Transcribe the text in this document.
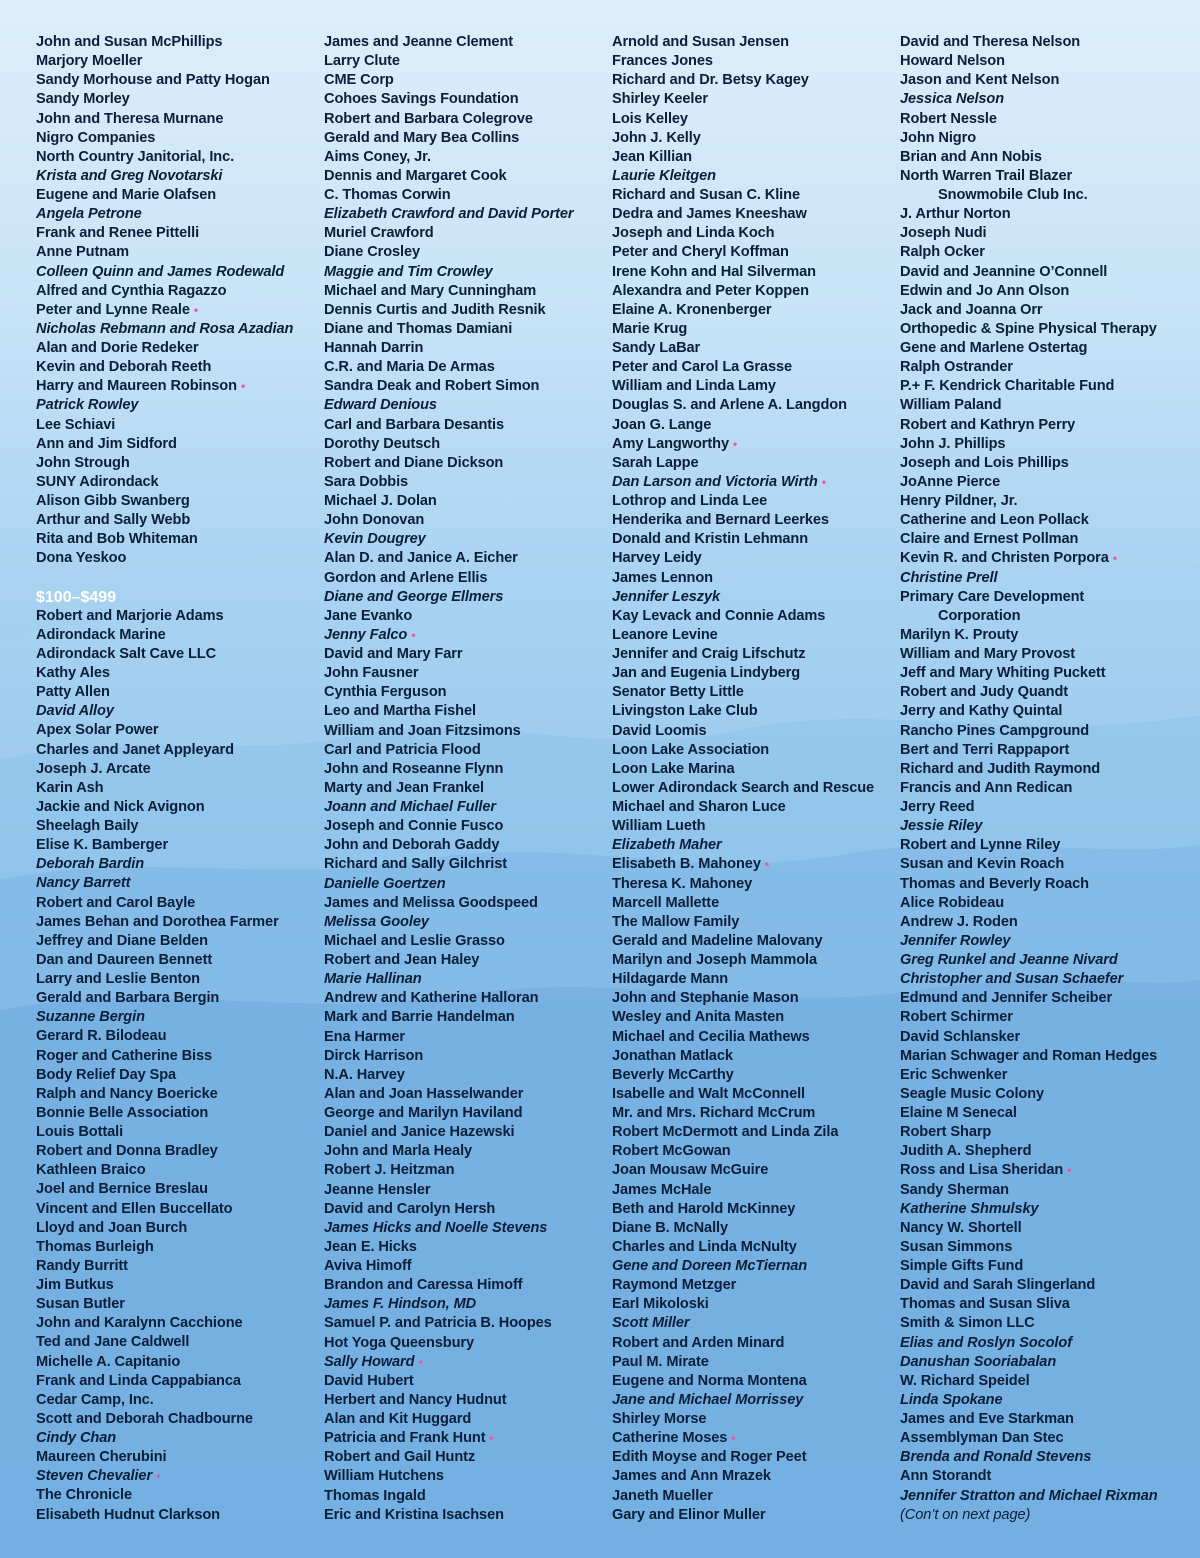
John and Susan McPhillips
Marjory Moeller
Sandy Morhouse and Patty Hogan
Sandy Morley
John and Theresa Murnane
Nigro Companies
North Country Janitorial, Inc.
Krista and Greg Novotarski
Eugene and Marie Olafsen
Angela Petrone
Frank and Renee Pittelli
Anne Putnam
Colleen Quinn and James Rodewald
Alfred and Cynthia Ragazzo
Peter and Lynne Reale •
Nicholas Rebmann and Rosa Azadian
Alan and Dorie Redeker
Kevin and Deborah Reeth
Harry and Maureen Robinson •
Patrick Rowley
Lee Schiavi
Ann and Jim Sidford
John Strough
SUNY Adirondack
Alison Gibb Swanberg
Arthur and Sally Webb
Rita and Bob Whiteman
Dona Yeskoo
$100–$499
Robert and Marjorie Adams
Adirondack Marine
Adirondack Salt Cave LLC
Kathy Ales
Patty Allen
David Alloy
Apex Solar Power
Charles and Janet Appleyard
Joseph J. Arcate
Karin Ash
Jackie and Nick Avignon
Sheelagh Baily
Elise K. Bamberger
Deborah Bardin
Nancy Barrett
Robert and Carol Bayle
James Behan and Dorothea Farmer
Jeffrey and Diane Belden
Dan and Daureen Bennett
Larry and Leslie Benton
Gerald and Barbara Bergin
Suzanne Bergin
Gerard R. Bilodeau
Roger and Catherine Biss
Body Relief Day Spa
Ralph and Nancy Boericke
Bonnie Belle Association
Louis Bottali
Robert and Donna Bradley
Kathleen Braico
Joel and Bernice Breslau
Vincent and Ellen Buccellato
Lloyd and Joan Burch
Thomas Burleigh
Randy Burritt
Jim Butkus
Susan Butler
John and Karalynn Cacchione
Ted and Jane Caldwell
Michelle A. Capitanio
Frank and Linda Cappabianca
Cedar Camp, Inc.
Scott and Deborah Chadbourne
Cindy Chan
Maureen Cherubini
Steven Chevalier •
The Chronicle
Elisabeth Hudnut Clarkson
James and Jeanne Clement
Larry Clute
CME Corp
Cohoes Savings Foundation
Robert and Barbara Colegrove
Gerald and Mary Bea Collins
Aims Coney, Jr.
Dennis and Margaret Cook
C. Thomas Corwin
Elizabeth Crawford and David Porter
Muriel Crawford
Diane Crosley
Maggie and Tim Crowley
Michael and Mary Cunningham
Dennis Curtis and Judith Resnik
Diane and Thomas Damiani
Hannah Darrin
C.R. and Maria De Armas
Sandra Deak and Robert Simon
Edward Denious
Carl and Barbara Desantis
Dorothy Deutsch
Robert and Diane Dickson
Sara Dobbis
Michael J. Dolan
John Donovan
Kevin Dougrey
Alan D. and Janice A. Eicher
Gordon and Arlene Ellis
Diane and George Ellmers
Jane Evanko
Jenny Falco •
David and Mary Farr
John Fausner
Cynthia Ferguson
Leo and Martha Fishel
William and Joan Fitzsimons
Carl and Patricia Flood
John and Roseanne Flynn
Marty and Jean Frankel
Joann and Michael Fuller
Joseph and Connie Fusco
John and Deborah Gaddy
Richard and Sally Gilchrist
Danielle Goertzen
James and Melissa Goodspeed
Melissa Gooley
Michael and Leslie Grasso
Robert and Jean Haley
Marie Hallinan
Andrew and Katherine Halloran
Mark and Barrie Handelman
Ena Harmer
Dirck Harrison
N.A. Harvey
Alan and Joan Hasselwander
George and Marilyn Haviland
Daniel and Janice Hazewski
John and Marla Healy
Robert J. Heitzman
Jeanne Hensler
David and Carolyn Hersh
James Hicks and Noelle Stevens
Jean E. Hicks
Aviva Himoff
Brandon and Caressa Himoff
James F. Hindson, MD
Samuel P. and Patricia B. Hoopes
Hot Yoga Queensbury
Sally Howard •
David Hubert
Herbert and Nancy Hudnut
Alan and Kit Huggard
Patricia and Frank Hunt •
Robert and Gail Huntz
William Hutchens
Thomas Ingald
Eric and Kristina Isachsen
Arnold and Susan Jensen
Frances Jones
Richard and Dr. Betsy Kagey
Shirley Keeler
Lois Kelley
John J. Kelly
Jean Killian
Laurie Kleitgen
Richard and Susan C. Kline
Dedra and James Kneeshaw
Joseph and Linda Koch
Peter and Cheryl Koffman
Irene Kohn and Hal Silverman
Alexandra and Peter Koppen
Elaine A. Kronenberger
Marie Krug
Sandy LaBar
Peter and Carol La Grasse
William and Linda Lamy
Douglas S. and Arlene A. Langdon
Joan G. Lange
Amy Langworthy •
Sarah Lappe
Dan Larson and Victoria Wirth •
Lothrop and Linda Lee
Henderika and Bernard Leerkes
Donald and Kristin Lehmann
Harvey Leidy
James Lennon
Jennifer Leszyk
Kay Levack and Connie Adams
Leanore Levine
Jennifer and Craig Lifschutz
Jan and Eugenia Lindyberg
Senator Betty Little
Livingston Lake Club
David Loomis
Loon Lake Association
Loon Lake Marina
Lower Adirondack Search and Rescue
Michael and Sharon Luce
William Lueth
Elizabeth Maher
Elisabeth B. Mahoney •
Theresa K. Mahoney
Marcell Mallette
The Mallow Family
Gerald and Madeline Malovany
Marilyn and Joseph Mammola
Hildagarde Mann
John and Stephanie Mason
Wesley and Anita Masten
Michael and Cecilia Mathews
Jonathan Matlack
Beverly McCarthy
Isabelle and Walt McConnell
Mr. and Mrs. Richard McCrum
Robert McDermott and Linda Zila
Robert McGowan
Joan Mousaw McGuire
James McHale
Beth and Harold McKinney
Diane B. McNally
Charles and Linda McNulty
Gene and Doreen McTiernan
Raymond Metzger
Earl Mikoloski
Scott Miller
Robert and Arden Minard
Paul M. Mirate
Eugene and Norma Montena
Jane and Michael Morrissey
Shirley Morse
Catherine Moses •
Edith Moyse and Roger Peet
James and Ann Mrazek
Janeth Mueller
Gary and Elinor Muller
David and Theresa Nelson
Howard Nelson
Jason and Kent Nelson
Jessica Nelson
Robert Nessle
John Nigro
Brian and Ann Nobis
North Warren Trail Blazer
Snowmobile Club Inc.
J. Arthur Norton
Joseph Nudi
Ralph Ocker
David and Jeannine O’Connell
Edwin and Jo Ann Olson
Jack and Joanna Orr
Orthopedic & Spine Physical Therapy
Gene and Marlene Ostertag
Ralph Ostrander
P.+ F. Kendrick Charitable Fund
William Paland
Robert and Kathryn Perry
John J. Phillips
Joseph and Lois Phillips
JoAnne Pierce
Henry Pildner, Jr.
Catherine and Leon Pollack
Claire and Ernest Pollman
Kevin R. and Christen Porpora •
Christine Prell
Primary Care Development
Corporation
Marilyn K. Prouty
William and Mary Provost
Jeff and Mary Whiting Puckett
Robert and Judy Quandt
Jerry and Kathy Quintal
Rancho Pines Campground
Bert and Terri Rappaport
Richard and Judith Raymond
Francis and Ann Redican
Jerry Reed
Jessie Riley
Robert and Lynne Riley
Susan and Kevin Roach
Thomas and Beverly Roach
Alice Robideau
Andrew J. Roden
Jennifer Rowley
Greg Runkel and Jeanne Nivard
Christopher and Susan Schaefer
Edmund and Jennifer Scheiber
Robert Schirmer
David Schlansker
Marian Schwager and Roman Hedges
Eric Schwenker
Seagle Music Colony
Elaine M Senecal
Robert Sharp
Judith A. Shepherd
Ross and Lisa Sheridan •
Sandy Sherman
Katherine Shmulsky
Nancy W. Shortell
Susan Simmons
Simple Gifts Fund
David and Sarah Slingerland
Thomas and Susan Sliva
Smith & Simon LLC
Elias and Roslyn Socolof
Danushan Sooriabalan
W. Richard Speidel
Linda Spokane
James and Eve Starkman
Assemblyman Dan Stec
Brenda and Ronald Stevens
Ann Storandt
Jennifer Stratton and Michael Rixman
(Con’t on next page)
